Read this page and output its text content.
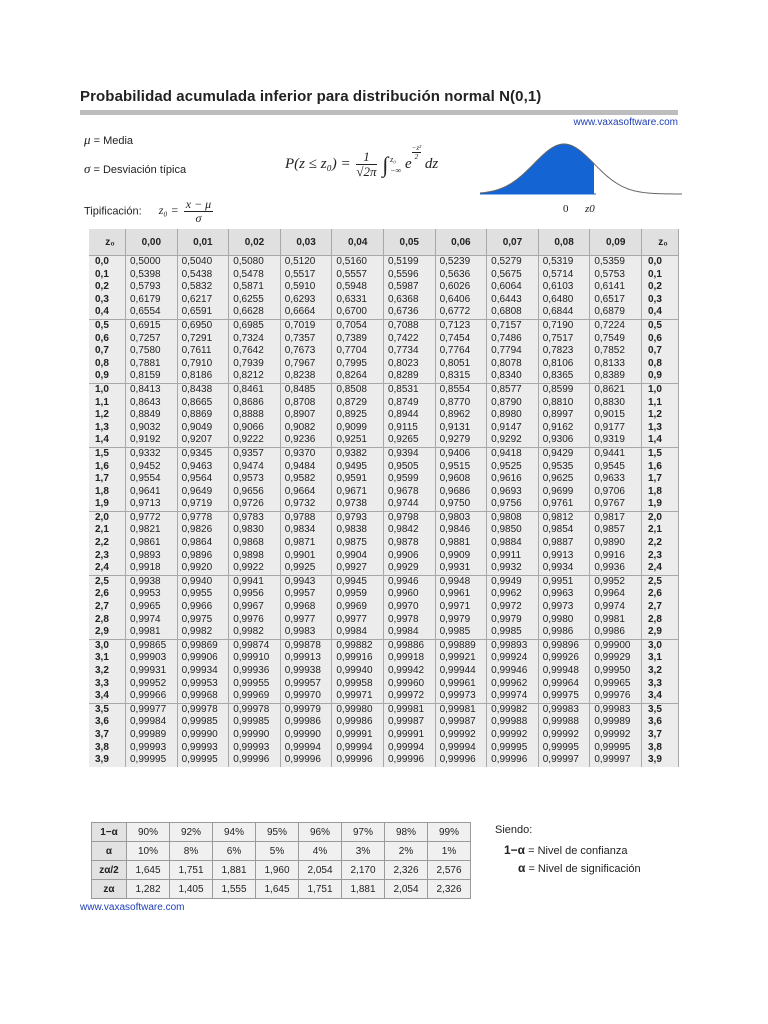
Probabilidad acumulada inferior para distribución normal N(0,1)
www.vaxasoftware.com
μ = Media
σ = Desviación típica	$P(z \le z_0) = \frac{1}{√2\pi}$ ∫ z₀
−∞ e
$\frac{\text{−z²}}{2}$
dz
Tipificación: $z_0 = \frac{x - \mu}{\sigma}$	0 z0
z₀	0,00	0,01	0,02	0,03	0,04	0,05	0,06	0,07	0,08	0,09	z₀
0,0	0,5000	0,5040	0,5080	0,5120	0,5160	0,5199	0,5239	0,5279	0,5319	0,5359	0,0
0,1	0,5398	0,5438	0,5478	0,5517	0,5557	0,5596	0,5636	0,5675	0,5714	0,5753	0,1
0,2	0,5793	0,5832	0,5871	0,5910	0,5948	0,5987	0,6026	0,6064	0,6103	0,6141	0,2
0,3	0,6179	0,6217	0,6255	0,6293	0,6331	0,6368	0,6406	0,6443	0,6480	0,6517	0,3
0,4	0,6554	0,6591	0,6628	0,6664	0,6700	0,6736	0,6772	0,6808	0,6844	0,6879	0,4
0,5	0,6915	0,6950	0,6985	0,7019	0,7054	0,7088	0,7123	0,7157	0,7190	0,7224	0,5
0,6	0,7257	0,7291	0,7324	0,7357	0,7389	0,7422	0,7454	0,7486	0,7517	0,7549	0,6
0,7	0,7580	0,7611	0,7642	0,7673	0,7704	0,7734	0,7764	0,7794	0,7823	0,7852	0,7
0,8	0,7881	0,7910	0,7939	0,7967	0,7995	0,8023	0,8051	0,8078	0,8106	0,8133	0,8
0,9	0,8159	0,8186	0,8212	0,8238	0,8264	0,8289	0,8315	0,8340	0,8365	0,8389	0,9
1,0	0,8413	0,8438	0,8461	0,8485	0,8508	0,8531	0,8554	0,8577	0,8599	0,8621	1,0
1,1	0,8643	0,8665	0,8686	0,8708	0,8729	0,8749	0,8770	0,8790	0,8810	0,8830	1,1
1,2	0,8849	0,8869	0,8888	0,8907	0,8925	0,8944	0,8962	0,8980	0,8997	0,9015	1,2
1,3	0,9032	0,9049	0,9066	0,9082	0,9099	0,9115	0,9131	0,9147	0,9162	0,9177	1,3
1,4	0,9192	0,9207	0,9222	0,9236	0,9251	0,9265	0,9279	0,9292	0,9306	0,9319	1,4
1,5	0,9332	0,9345	0,9357	0,9370	0,9382	0,9394	0,9406	0,9418	0,9429	0,9441	1,5
1,6	0,9452	0,9463	0,9474	0,9484	0,9495	0,9505	0,9515	0,9525	0,9535	0,9545	1,6
1,7	0,9554	0,9564	0,9573	0,9582	0,9591	0,9599	0,9608	0,9616	0,9625	0,9633	1,7
1,8	0,9641	0,9649	0,9656	0,9664	0,9671	0,9678	0,9686	0,9693	0,9699	0,9706	1,8
1,9	0,9713	0,9719	0,9726	0,9732	0,9738	0,9744	0,9750	0,9756	0,9761	0,9767	1,9
2,0	0,9772	0,9778	0,9783	0,9788	0,9793	0,9798	0,9803	0,9808	0,9812	0,9817	2,0
2,1	0,9821	0,9826	0,9830	0,9834	0,9838	0,9842	0,9846	0,9850	0,9854	0,9857	2,1
2,2	0,9861	0,9864	0,9868	0,9871	0,9875	0,9878	0,9881	0,9884	0,9887	0,9890	2,2
2,3	0,9893	0,9896	0,9898	0,9901	0,9904	0,9906	0,9909	0,9911	0,9913	0,9916	2,3
2,4	0,9918	0,9920	0,9922	0,9925	0,9927	0,9929	0,9931	0,9932	0,9934	0,9936	2,4
2,5	0,9938	0,9940	0,9941	0,9943	0,9945	0,9946	0,9948	0,9949	0,9951	0,9952	2,5
2,6	0,9953	0,9955	0,9956	0,9957	0,9959	0,9960	0,9961	0,9962	0,9963	0,9964	2,6
2,7	0,9965	0,9966	0,9967	0,9968	0,9969	0,9970	0,9971	0,9972	0,9973	0,9974	2,7
2,8	0,9974	0,9975	0,9976	0,9977	0,9977	0,9978	0,9979	0,9979	0,9980	0,9981	2,8
2,9	0,9981	0,9982	0,9982	0,9983	0,9984	0,9984	0,9985	0,9985	0,9986	0,9986	2,9
3,0	0,99865	0,99869	0,99874	0,99878	0,99882	0,99886	0,99889	0,99893	0,99896	0,99900	3,0
3,1	0,99903	0,99906	0,99910	0,99913	0,99916	0,99918	0,99921	0,99924	0,99926	0,99929	3,1
3,2	0,99931	0,99934	0,99936	0,99938	0,99940	0,99942	0,99944	0,99946	0,99948	0,99950	3,2
3,3	0,99952	0,99953	0,99955	0,99957	0,99958	0,99960	0,99961	0,99962	0,99964	0,99965	3,3
3,4	0,99966	0,99968	0,99969	0,99970	0,99971	0,99972	0,99973	0,99974	0,99975	0,99976	3,4
3,5	0,99977	0,99978	0,99978	0,99979	0,99980	0,99981	0,99981	0,99982	0,99983	0,99983	3,5
3,6	0,99984	0,99985	0,99985	0,99986	0,99986	0,99987	0,99987	0,99988	0,99988	0,99989	3,6
3,7	0,99989	0,99990	0,99990	0,99990	0,99991	0,99991	0,99992	0,99992	0,99992	0,99992	3,7
3,8	0,99993	0,99993	0,99993	0,99994	0,99994	0,99994	0,99994	0,99995	0,99995	0,99995	3,8
3,9	0,99995	0,99995	0,99996	0,99996	0,99996	0,99996	0,99996	0,99996	0,99997	0,99997	3,9
1−α	90%	92%	94%	95%	96%	97%	98%	99%
α	10%	8%	6%	5%	4%	3%	2%	1%
zα/2	1,645	1,751	1,881	1,960	2,054	2,170	2,326	2,576
zα	1,282	1,405	1,555	1,645	1,751	1,881	2,054	2,326
Siendo:
1−α = Nivel de confianza
α = Nivel de significación
www.vaxasoftware.com
